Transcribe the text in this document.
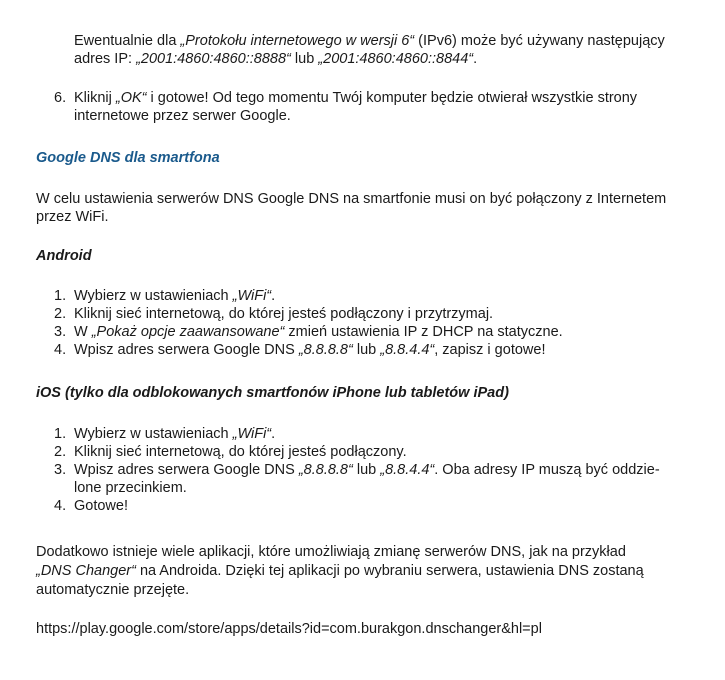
Ewentualnie dla „Protokołu internetowego w wersji 6“ (IPv6) może być używany następujący
adres IP: „2001:4860:4860::8888“ lub „2001:4860:4860::8844“.
6. Kliknij „OK“ i gotowe! Od tego momentu Twój komputer będzie otwierał wszystkie strony
internetowe przez serwer Google.
Google DNS dla smartfona
W celu ustawienia serwerów DNS Google DNS na smartfonie musi on być połączony z Internetem
przez WiFi.
Android
1. Wybierz w ustawieniach „WiFi“.
2. Kliknij sieć internetową, do której jesteś podłączony i przytrzymaj.
3. W „Pokaż opcje zaawansowane“ zmień ustawienia IP z DHCP na statyczne.
4. Wpisz adres serwera Google DNS „8.8.8.8“ lub „8.8.4.4“, zapisz i gotowe!
iOS (tylko dla odblokowanych smartfonów iPhone lub tabletów iPad)
1. Wybierz w ustawieniach „WiFi“.
2. Kliknij sieć internetową, do której jesteś podłączony.
3. Wpisz adres serwera Google DNS „8.8.8.8“ lub „8.8.4.4“. Oba adresy IP muszą być oddzie-
lone przecinkiem.
4. Gotowe!
Dodatkowo istnieje wiele aplikacji, które umożliwiają zmianę serwerów DNS, jak na przykład
„DNS Changer“ na Androida. Dzięki tej aplikacji po wybraniu serwera, ustawienia DNS zostaną
automatycznie przejęte.
https://play.google.com/store/apps/details?id=com.burakgon.dnschanger&hl=pl
